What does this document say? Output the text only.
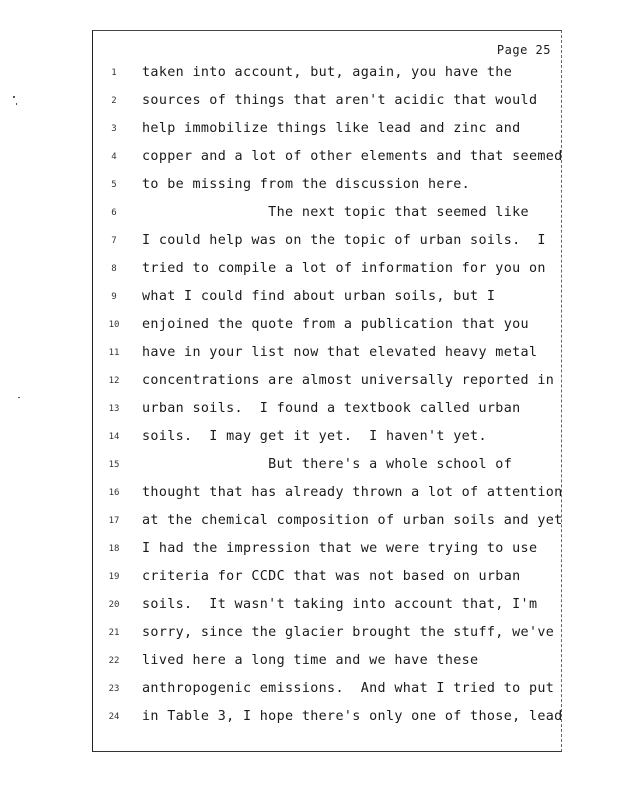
Page 25
1	taken into account, but, again, you have the
2	sources of things that aren't acidic that would
3	help immobilize things like lead and zinc and
4	copper and a lot of other elements and that seemed
5	to be missing from the discussion here.
6	The next topic that seemed like
7	I could help was on the topic of urban soils.  I
8	tried to compile a lot of information for you on
9	what I could find about urban soils, but I
10 enjoined the quote from a publication that you
11 have in your list now that elevated heavy metal
12 concentrations are almost universally reported in
13 urban soils.  I found a textbook called urban
14 soils.  I may get it yet.  I haven't yet.
15 But there's a whole school of
16 thought that has already thrown a lot of attention
17 at the chemical composition of urban soils and yet
18 I had the impression that we were trying to use
19 criteria for CCDC that was not based on urban
20 soils.  It wasn't taking into account that, I'm
21 sorry, since the glacier brought the stuff, we've
22 lived here a long time and we have these
23 anthropogenic emissions.  And what I tried to put
24 in Table 3, I hope there's only one of those, lead
